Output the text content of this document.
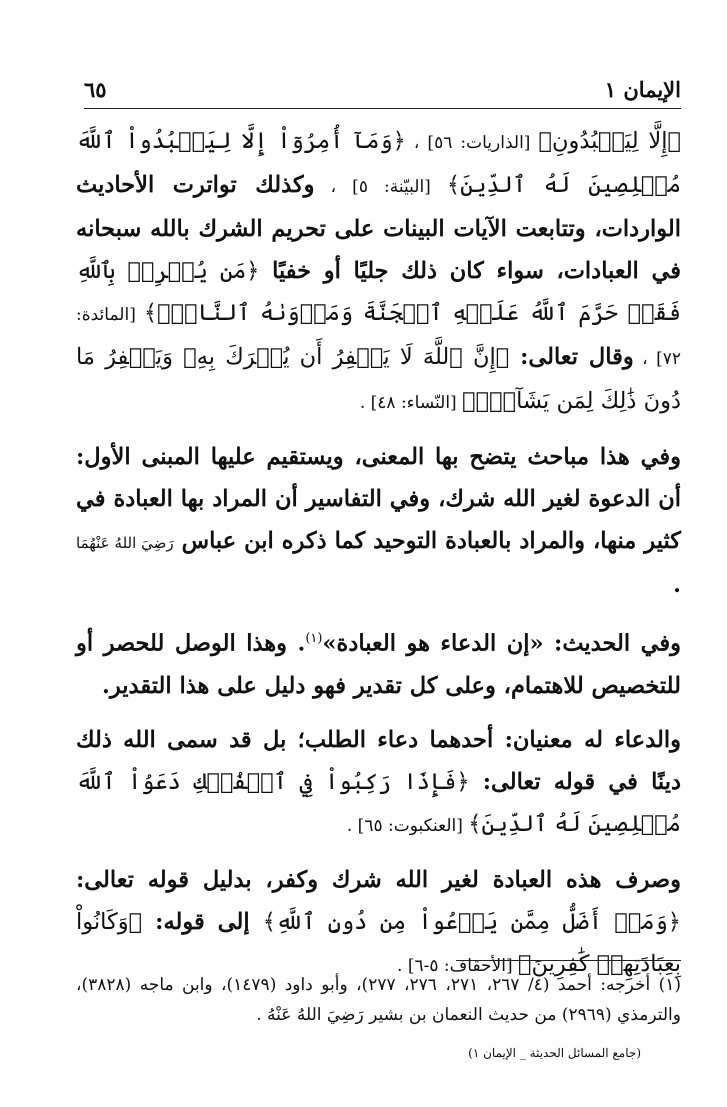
الإيمان ١
٦٥

﴿إِلَّا لِيَعۡبُدُونِ﴾ [الذاريات: ٥٦] ، ﴿وَمَآ أُمِرُوٓاْ إِلَّا لِيَعۡبُدُواْ ٱللَّهَ مُخۡلِصِينَ لَهُ ٱلدِّينَ﴾ [البيّنة: ٥] ، وكذلك تواترت الأحاديث الواردات، وتتابعت الآيات البينات على تحريم الشرك بالله سبحانه في العبادات، سواء كان ذلك جليًا أو خفيًا ﴿مَن يُشۡرِكۡ بِٱللَّهِ فَقَدۡ حَرَّمَ ٱللَّهُ عَلَيۡهِ ٱلۡجَنَّةَ وَمَأۡوَىٰهُ ٱلنَّارُۖ﴾ [المائدة: ٧٢] ، وقال تعالى: ﴿إِنَّ ٱللَّهَ لَا يَغۡفِرُ أَن يُشۡرَكَ بِهِۦ وَيَغۡفِرُ مَا دُونَ ذَٰلِكَ لِمَن يَشَآءُۚ﴾ [النّساء: ٤٨] .

وفي هذا مباحث يتضح بها المعنى، ويستقيم عليها المبنى الأول: أن الدعوة لغير الله شرك، وفي التفاسير أن المراد بها العبادة في كثير منها، والمراد بالعبادة التوحيد كما ذكره ابن عباس رَضِيَ اللهُ عَنْهُمَا .

وفي الحديث: «إن الدعاء هو العبادة»$^{(١)}$. وهذا الوصل للحصر أو للتخصيص للاهتمام، وعلى كل تقدير فهو دليل على هذا التقدير.

والدعاء له معنيان: أحدهما دعاء الطلب؛ بل قد سمى الله ذلك دينًا في قوله تعالى: ﴿فَإِذَا رَكِبُواْ فِي ٱلۡفُلۡكِ دَعَوُاْ ٱللَّهَ مُخۡلِصِينَ لَهُ ٱلدِّينَ﴾ [العنكبوت: ٦٥] .

وصرف هذه العبادة لغير الله شرك وكفر، بدليل قوله تعالى: ﴿وَمَنۡ أَضَلُّ مِمَّن يَدۡعُواْ مِن دُونِ ٱللَّهِ﴾ إلى قوله: ﴿وَكَانُواْ بِعِبَادَتِهِمۡ كَٰفِرِينَ﴾ [الأحقاف: ٥-٦] .

(١) أخرجه: أحمد (٤/ ٢٦٧، ٢٧١، ٢٧٦، ٢٧٧)، وأبو داود (١٤٧٩)، وابن ماجه (٣٨٢٨)، والترمذي (٢٩٦٩) من حديث النعمان بن بشير رَضِيَ اللهُ عَنْهُ .

(جامع المسائل الحديثة _ الإيمان ١)
